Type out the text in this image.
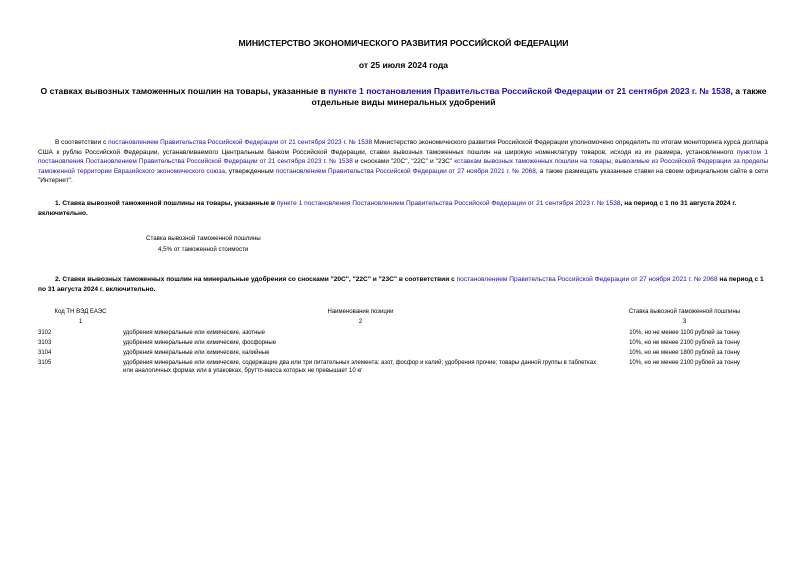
МИНИСТЕРСТВО ЭКОНОМИЧЕСКОГО РАЗВИТИЯ РОССИЙСКОЙ ФЕДЕРАЦИИ
от 25 июля 2024 года
О ставках вывозных таможенных пошлин на товары, указанные в пункте 1 постановления Правительства Российской Федерации от 21 сентября 2023 г. № 1538, а также отдельные виды минеральных удобрений
В соответствии с постановлением Правительства Российской Федерации от 21 сентября 2023 г. № 1538 Министерство экономического развития Российской Федерации уполномочено определять по итогам мониторинга курса доллара США к рублю Российской Федерации, устанавливаемого Центральным банком Российской Федерации, ставки вывозных таможенных пошлин на широкую номенклатуру товаров, исходя из их размера, установленного пунктом 1 постановления Постановлением Правительства Российской Федерации от 21 сентября 2023 г. № 1538 и сносками "20С", "22С" и "23С" кставкам вывозных таможенных пошлин на товары, вывозимые из Российской Федерации за пределы таможенной территории Евразийского экономического союза, утвержденным постановлением Правительства Российской Федерации от 27 ноября 2021 г. № 2068, а также размещать указанные ставки на своем официальном сайте в сети "Интернет".
1. Ставка вывозной таможенной пошлины на товары, указанные в пункте 1 постановления Постановлением Правительства Российской Федерации от 21 сентября 2023 г. № 1538, на период с 1 по 31 августа 2024 г. включительно.
Ставка вывозной таможенной пошлины
4,5% от таможенной стоимости
2. Ставки вывозных таможенных пошлин на минеральные удобрения со сносками "20С", "22С" и "23С" в соответствии с постановлением Правительства Российской Федерации от 27 ноября 2021 г. № 2068 на период с 1 по 31 августа 2024 г. включительно.
Код ТН ВЭД ЕАЭС	Наименование позиции	Ставка вывозной таможенной пошлины
1	2	3
3102	удобрения минеральные или химические, азотные	10%, но не менее 1100 рублей за тонну
3103	удобрения минеральные или химические, фосфорные	10%, но не менее 2100 рублей за тонну
3104	удобрения минеральные или химические, калийные	10%, но не менее 1800 рублей за тонну
3105	удобрения минеральные или химические, содержащие два или три питательных элемента: азот, фосфор и калий; удобрения прочие; товары данной группы в таблетках или аналогичных формах или в упаковках, брутто-масса которых не превышает 10 кг	10%, но не менее 2100 рублей за тонну
